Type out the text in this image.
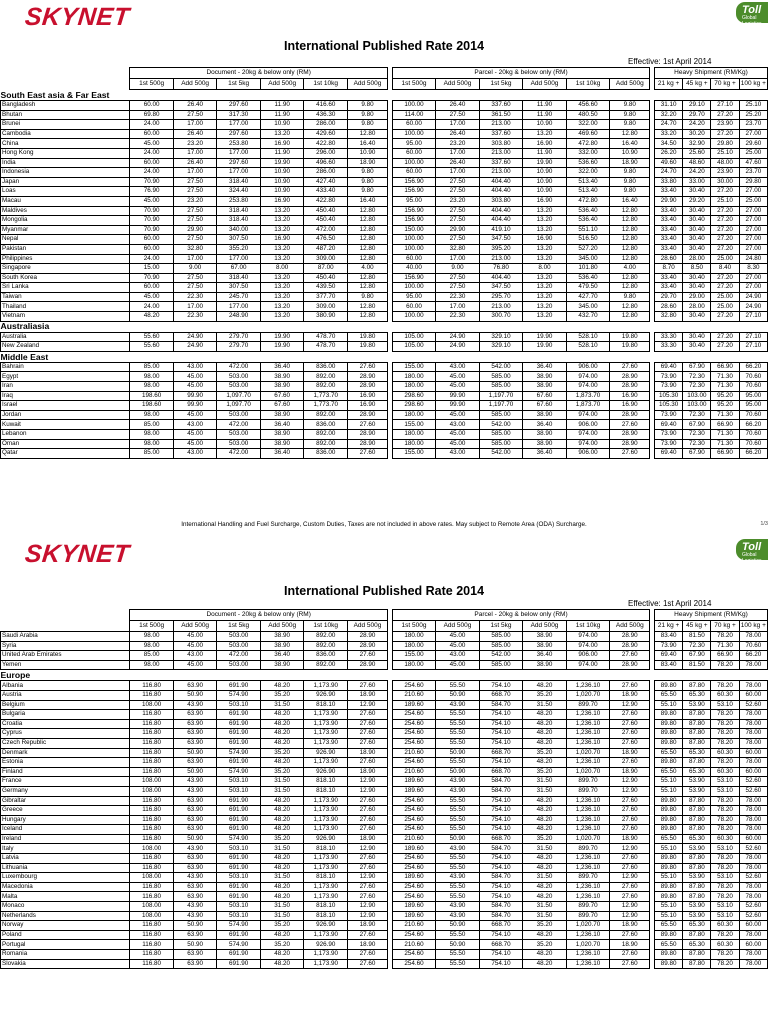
SKYNET	Toll
Global Logistics
International Published Rate 2014
Effective: 1st April 2014
	Document - 20kg & below only (RM)							Parcel - 20kg & below only (RM)							Heavy Shipment (RM/Kg)			
	1st 500g	Add 500g	1st 5kg	Add 500g	1st 10kg	Add 500g		1st 500g	Add 500g	1st 5kg	Add 500g	1st 10kg	Add 500g		21 kg +	45 kg +	70 kg +	100 kg +
South East asia & Far East																		
Bangladesh	60.00	26.40	297.60	11.90	416.60	9.80		100.00	26.40	337.60	11.90	456.60	9.80		31.10	29.10	27.10	25.10
Bhutan	69.80	27.50	317.30	11.90	436.30	9.80		114.00	27.50	361.50	11.90	480.50	9.80		32.20	29.70	27.20	25.20
Brunei	24.00	17.00	177.00	10.90	286.00	9.80		60.00	17.00	213.00	10.90	322.00	9.80		24.70	24.20	23.90	23.70
Cambodia	60.00	26.40	297.60	13.20	429.60	12.80		100.00	26.40	337.60	13.20	469.60	12.80		33.20	30.20	27.20	27.00
China	45.00	23.20	253.80	16.90	422.80	16.40		95.00	23.20	303.80	16.90	472.80	16.40		34.50	32.90	29.80	29.60
Hong Kong	24.00	17.00	177.00	11.90	296.00	10.90		60.00	17.00	213.00	11.90	332.00	10.90		26.20	25.60	25.10	25.00
India	60.00	26.40	297.60	19.90	496.60	18.90		100.00	26.40	337.60	19.90	536.60	18.90		49.60	48.60	48.00	47.60
Indonesia	24.00	17.00	177.00	10.90	286.00	9.80		60.00	17.00	213.00	10.90	322.00	9.80		24.70	24.20	23.90	23.70
Japan	70.90	27.50	318.40	10.90	427.40	9.80		156.90	27.50	404.40	10.90	513.40	9.80		33.80	33.00	30.00	29.80
Loas	76.90	27.50	324.40	10.90	433.40	9.80		156.90	27.50	404.40	10.90	513.40	9.80		33.40	30.40	27.20	27.00
Macau	45.00	23.20	253.80	16.90	422.80	16.40		95.00	23.20	303.80	16.90	472.80	16.40		29.90	29.20	25.10	25.00
Maldives	70.90	27.50	318.40	13.20	450.40	12.80		156.90	27.50	404.40	13.20	536.40	12.80		33.40	30.40	27.20	27.00
Mongolia	70.90	27.50	318.40	13.20	450.40	12.80		156.90	27.50	404.40	13.20	536.40	12.80		33.40	30.40	27.20	27.00
Myanmar	70.90	29.90	340.00	13.20	472.00	12.80		150.00	29.90	419.10	13.20	551.10	12.80		33.40	30.40	27.20	27.00
Nepal	60.00	27.50	307.50	16.90	476.50	12.80		100.00	27.50	347.50	16.90	516.50	12.80		33.40	30.40	27.20	27.00
Pakistan	60.00	32.80	355.20	13.20	487.20	12.80		100.00	32.80	395.20	13.20	527.20	12.80		33.40	30.40	27.20	27.00
Philippines	24.00	17.00	177.00	13.20	309.00	12.80		60.00	17.00	213.00	13.20	345.00	12.80		28.60	28.00	25.00	24.80
Singapore	15.00	9.00	67.00	8.00	87.00	4.00		40.00	9.00	76.80	8.00	101.80	4.00		8.70	8.50	8.40	8.30
South Korea	70.90	27.50	318.40	13.20	450.40	12.80		156.90	27.50	404.40	13.20	536.40	12.80		33.40	30.40	27.20	27.00
Sri Lanka	60.00	27.50	307.50	13.20	439.50	12.80		100.00	27.50	347.50	13.20	479.50	12.80		33.40	30.40	27.20	27.00
Taiwan	45.00	22.30	245.70	13.20	377.70	9.80		95.00	22.30	295.70	13.20	427.70	9.80		29.70	29.00	25.00	24.90
Thailand	24.00	17.00	177.00	13.20	309.00	12.80		60.00	17.00	213.00	13.20	345.00	12.80		28.60	28.00	25.00	24.90
Vietnam	48.20	22.30	248.90	13.20	380.90	12.80		100.00	22.30	300.70	13.20	432.70	12.80		32.80	30.40	27.20	27.10
Australiasia																		
Australia	55.60	24.90	279.70	19.90	478.70	19.80		105.00	24.90	329.10	19.90	528.10	19.80		33.30	30.40	27.20	27.10
New Zealand	55.60	24.90	279.70	19.90	478.70	19.80		105.00	24.90	329.10	19.90	528.10	19.80		33.30	30.40	27.20	27.10
Middle East																		
Bahrain	85.00	43.00	472.00	36.40	836.00	27.60		155.00	43.00	542.00	36.40	906.00	27.60		69.40	67.90	66.90	66.20
Egypt	98.00	45.00	503.00	38.90	892.00	28.90		180.00	45.00	585.00	38.90	974.00	28.90		73.90	72.30	71.30	70.60
Iran	98.00	45.00	503.00	38.90	892.00	28.90		180.00	45.00	585.00	38.90	974.00	28.90		73.90	72.30	71.30	70.60
Iraq	198.60	99.90	1,097.70	67.60	1,773.70	16.90		298.60	99.90	1,197.70	67.60	1,873.70	16.90		105.30	103.00	95.20	95.00
Israel	198.60	99.90	1,097.70	67.60	1,773.70	16.90		298.60	99.90	1,197.70	67.60	1,873.70	16.90		105.30	103.00	95.20	95.00
Jordan	98.00	45.00	503.00	38.90	892.00	28.90		180.00	45.00	585.00	38.90	974.00	28.90		73.90	72.30	71.30	70.60
Kuwait	85.00	43.00	472.00	36.40	836.00	27.60		155.00	43.00	542.00	36.40	906.00	27.60		69.40	67.90	66.90	66.20
Lebanon	98.00	45.00	503.00	38.90	892.00	28.90		180.00	45.00	585.00	38.90	974.00	28.90		73.90	72.30	71.30	70.60
Oman	98.00	45.00	503.00	38.90	892.00	28.90		180.00	45.00	585.00	38.90	974.00	28.90		73.90	72.30	71.30	70.60
Qatar	85.00	43.00	472.00	36.40	836.00	27.60		155.00	43.00	542.00	36.40	906.00	27.60		69.40	67.90	66.90	66.20
International Handling and Fuel Surcharge, Custom Duties, Taxes are not included in above rates. May subject to Remote Area (ODA) Surcharge.	1/3
SKYNET	Toll
Global Logistics
International Published Rate 2014
Effective: 1st April 2014
	Document - 20kg & below only (RM)							Parcel - 20kg & below only (RM)							Heavy Shipment (RM/Kg)			
	1st 500g	Add 500g	1st 5kg	Add 500g	1st 10kg	Add 500g		1st 500g	Add 500g	1st 5kg	Add 500g	1st 10kg	Add 500g		21 kg +	45 kg +	70 kg +	100 kg +
Saudi Arabia	98.00	45.00	503.00	38.90	892.00	28.90		180.00	45.00	585.00	38.90	974.00	28.90		83.40	81.50	78.20	78.00
Syria	98.00	45.00	503.00	38.90	892.00	28.90		180.00	45.00	585.00	38.90	974.00	28.90		73.90	72.30	71.30	70.60
United Arab Emirates	85.00	43.00	472.00	36.40	836.00	27.60		155.00	43.00	542.00	36.40	906.00	27.60		69.40	67.90	66.90	66.20
Yemen	98.00	45.00	503.00	38.90	892.00	28.90		180.00	45.00	585.00	38.90	974.00	28.90		83.40	81.50	78.20	78.00
Europe																		
Albania	116.80	63.90	691.90	48.20	1,173.90	27.60		254.60	55.50	754.10	48.20	1,236.10	27.60		89.80	87.80	78.20	78.00
Austria	116.80	50.90	574.90	35.20	926.90	18.90		210.60	50.90	668.70	35.20	1,020.70	18.90		65.50	65.30	60.30	60.00
Belgium	108.00	43.90	503.10	31.50	818.10	12.90		189.60	43.90	584.70	31.50	899.70	12.90		55.10	53.90	53.10	52.60
Bulgaria	116.80	63.90	691.90	48.20	1,173.90	27.60		254.60	55.50	754.10	48.20	1,236.10	27.60		89.80	87.80	78.20	78.00
Croatia	116.80	63.90	691.90	48.20	1,173.90	27.60		254.60	55.50	754.10	48.20	1,236.10	27.60		89.80	87.80	78.20	78.00
Cyprus	116.80	63.90	691.90	48.20	1,173.90	27.60		254.60	55.50	754.10	48.20	1,236.10	27.60		89.80	87.80	78.20	78.00
Czech Republic	116.80	63.90	691.90	48.20	1,173.90	27.60		254.60	55.50	754.10	48.20	1,236.10	27.60		89.80	87.80	78.20	78.00
Denmark	116.80	50.90	574.90	35.20	926.90	18.90		210.60	50.90	668.70	35.20	1,020.70	18.90		65.50	65.30	60.30	60.00
Estonia	116.80	63.90	691.90	48.20	1,173.90	27.60		254.60	55.50	754.10	48.20	1,236.10	27.60		89.80	87.80	78.20	78.00
Finland	116.80	50.90	574.90	35.20	926.90	18.90		210.60	50.90	668.70	35.20	1,020.70	18.90		65.50	65.30	60.30	60.00
France	108.00	43.90	503.10	31.50	818.10	12.90		189.60	43.90	584.70	31.50	899.70	12.90		55.10	53.90	53.10	52.60
Germany	108.00	43.90	503.10	31.50	818.10	12.90		189.60	43.90	584.70	31.50	899.70	12.90		55.10	53.90	53.10	52.60
Gibraltar	116.80	63.90	691.90	48.20	1,173.90	27.60		254.60	55.50	754.10	48.20	1,236.10	27.60		89.80	87.80	78.20	78.00
Greece	116.80	63.90	691.90	48.20	1,173.90	27.60		254.60	55.50	754.10	48.20	1,236.10	27.60		89.80	87.80	78.20	78.00
Hungary	116.80	63.90	691.90	48.20	1,173.90	27.60		254.60	55.50	754.10	48.20	1,236.10	27.60		89.80	87.80	78.20	78.00
Iceland	116.80	63.90	691.90	48.20	1,173.90	27.60		254.60	55.50	754.10	48.20	1,236.10	27.60		89.80	87.80	78.20	78.00
Ireland	116.80	50.90	574.90	35.20	926.90	18.90		210.60	50.90	668.70	35.20	1,020.70	18.90		65.50	65.30	60.30	60.00
Italy	108.00	43.90	503.10	31.50	818.10	12.90		189.60	43.90	584.70	31.50	899.70	12.90		55.10	53.90	53.10	52.60
Latvia	116.80	63.90	691.90	48.20	1,173.90	27.60		254.60	55.50	754.10	48.20	1,236.10	27.60		89.80	87.80	78.20	78.00
Lithuania	116.80	63.90	691.90	48.20	1,173.90	27.60		254.60	55.50	754.10	48.20	1,236.10	27.60		89.80	87.80	78.20	78.00
Luxembourg	108.00	43.90	503.10	31.50	818.10	12.90		189.60	43.90	584.70	31.50	899.70	12.90		55.10	53.90	53.10	52.60
Macedonia	116.80	63.90	691.90	48.20	1,173.90	27.60		254.60	55.50	754.10	48.20	1,236.10	27.60		89.80	87.80	78.20	78.00
Malta	116.80	63.90	691.90	48.20	1,173.90	27.60		254.60	55.50	754.10	48.20	1,236.10	27.60		89.80	87.80	78.20	78.00
Monaco	108.00	43.90	503.10	31.50	818.10	12.90		189.60	43.90	584.70	31.50	899.70	12.90		55.10	53.90	53.10	52.60
Netherlands	108.00	43.90	503.10	31.50	818.10	12.90		189.60	43.90	584.70	31.50	899.70	12.90		55.10	53.90	53.10	52.60
Norway	116.80	50.90	574.90	35.20	926.90	18.90		210.60	50.90	668.70	35.20	1,020.70	18.90		65.50	65.30	60.30	60.00
Poland	116.80	63.90	691.90	48.20	1,173.90	27.60		254.60	55.50	754.10	48.20	1,236.10	27.60		89.80	87.80	78.20	78.00
Portugal	116.80	50.90	574.90	35.20	926.90	18.90		210.60	50.90	668.70	35.20	1,020.70	18.90		65.50	65.30	60.30	60.00
Romania	116.80	63.90	691.90	48.20	1,173.90	27.60		254.60	55.50	754.10	48.20	1,236.10	27.60		89.80	87.80	78.20	78.00
Slovakia	116.80	63.90	691.90	48.20	1,173.90	27.60		254.60	55.50	754.10	48.20	1,236.10	27.60		89.80	87.80	78.20	78.00
